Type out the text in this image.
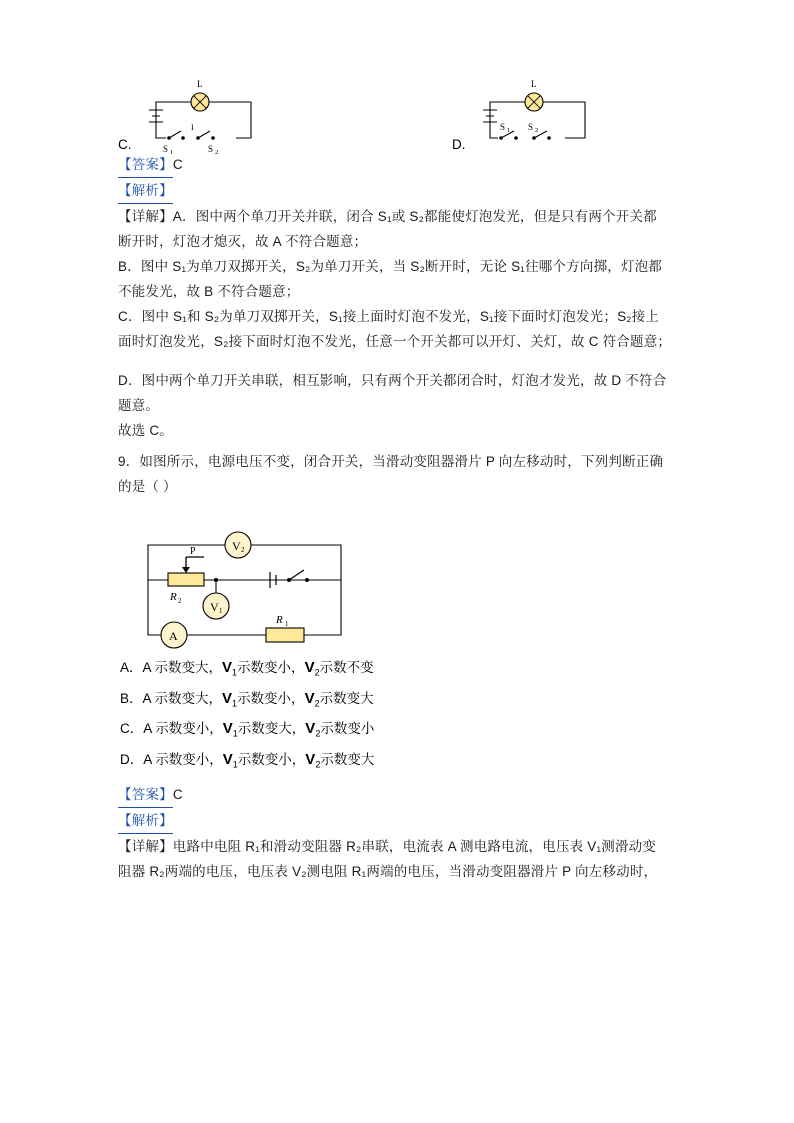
L
I
S 1	S 2
C.
L
S 1 S 2
D.
【答案】C
【解析】
【详解】A．图中两个单刀开关并联，闭合 S₁或 S₂都能使灯泡发光，但是只有两个开关都
断开时，灯泡才熄灭，故 A 不符合题意；
B．图中 S₁为单刀双掷开关，S₂为单刀开关，当 S₂断开时，无论 S₁往哪个方向掷，灯泡都
不能发光，故 B 不符合题意；
C．图中 S₁和 S₂为单刀双掷开关，S₁接上面时灯泡不发光，S₁接下面时灯泡发光；S₂接上
面时灯泡发光，S₂接下面时灯泡不发光，任意一个开关都可以开灯、关灯，故 C 符合题意；
D．图中两个单刀开关串联，相互影响，只有两个开关都闭合时，灯泡才发光，故 D 不符合
题意。
故选 C。
9．如图所示，电源电压不变，闭合开关，当滑动变阻器滑片 P 向左移动时，下列判断正确
的是（ ）
V 2
P
R 2 V 1
A
R 1
A．A 示数变大，$V_1$示数变小，$V_2$示数不变
B．A 示数变大，$V_1$示数变小，$V_2$示数变大
C．A 示数变小，$V_1$示数变大，$V_2$示数变小
D．A 示数变小，$V_1$示数变小，$V_2$示数变大
【答案】C
【解析】
【详解】电路中电阻 R₁和滑动变阻器 R₂串联，电流表 A 测电路电流，电压表 V₁测滑动变
阻器 R₂两端的电压，电压表 V₂测电阻 R₁两端的电压，当滑动变阻器滑片 P 向左移动时，
